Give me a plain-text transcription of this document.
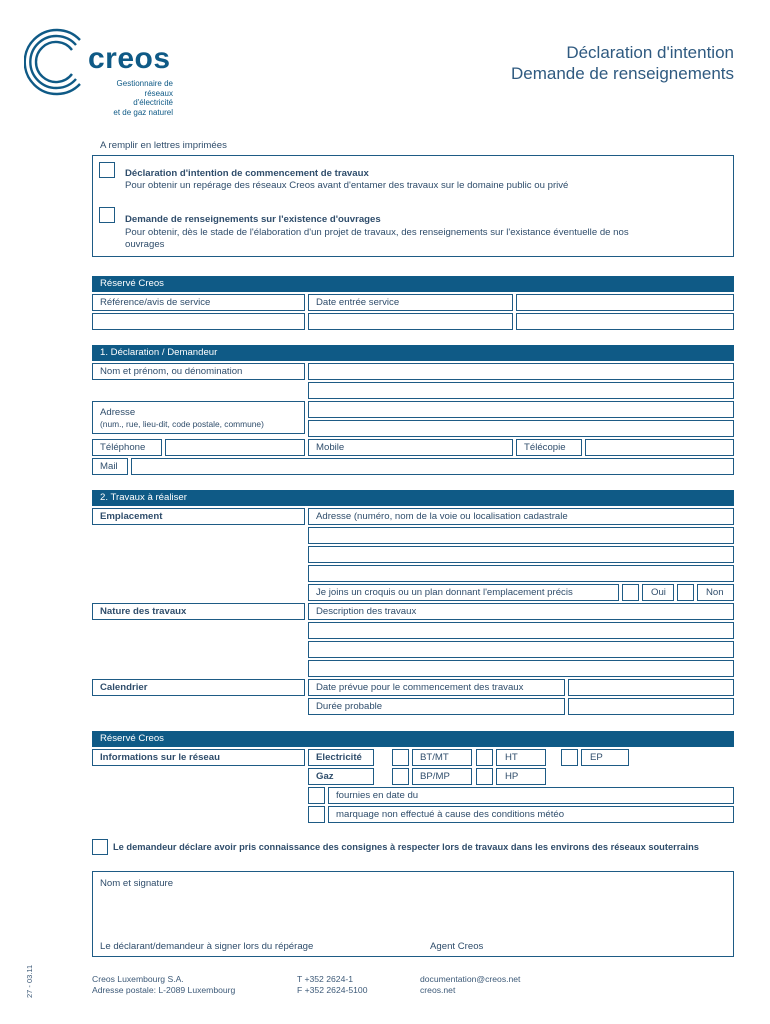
creos
Gestionnaire de
réseaux d'électricité
et de gaz naturel
Déclaration d'intention
Demande de renseignements
A remplir en lettres imprimées
Déclaration d'intention de commencement de travaux
Pour obtenir un repérage des réseaux Creos avant d'entamer des travaux sur le domaine public ou privé
Demande de renseignements sur l'existence d'ouvrages
Pour obtenir, dès le stade de l'élaboration d'un projet de travaux, des renseignements sur l'existance éventuelle de nos
ouvrages
Réservé Creos
Référence/avis de service	Date entrée service
1. Déclaration / Demandeur
Nom et prénom, ou dénomination
Adresse
(num., rue, lieu-dit, code postale, commune)
Téléphone	Mobile	Télécopie
Mail
2. Travaux à réaliser
Emplacement	Adresse (numéro, nom de la voie ou localisation cadastrale
Je joins un croquis ou un plan donnant l'emplacement précis	Oui	Non
Nature des travaux	Description des travaux
Calendrier	Date prévue pour le commencement des travaux
Durée probable
Réservé Creos
Informations sur le réseau	Electricité	BT/MT	HT	EP
Gaz	BP/MP	HP
fournies en date du
marquage non effectué à cause des conditions météo
Le demandeur déclare avoir pris connaissance des consignes à respecter lors de travaux dans les environs des réseaux souterrains
Nom et signature
Le déclarant/demandeur à signer lors du répérage	Agent Creos
27 - 03.11	Creos Luxembourg S.A.
Adresse postale: L-2089 Luxembourg
T +352 2624-1
F +352 2624-5100
documentation@creos.net
creos.net
